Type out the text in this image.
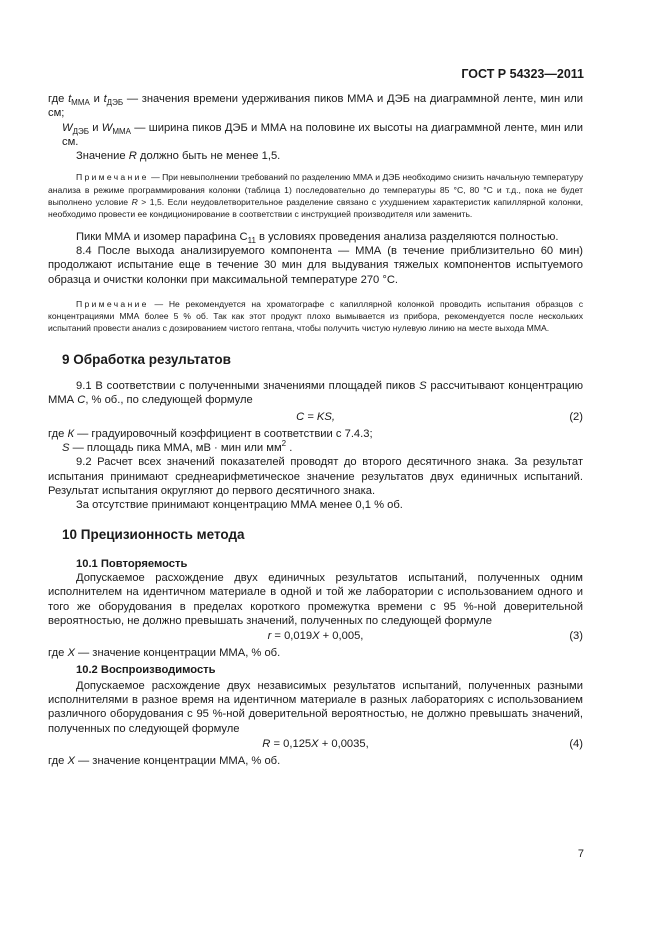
ГОСТ Р 54323—2011

где $t_{ММА}$ и $t_{ДЭБ}$ — значения времени удерживания пиков ММА и ДЭБ на диаграммной ленте, мин или см;

$W_{ДЭБ}$ и $W_{ММА}$ — ширина пиков ДЭБ и ММА на половине их высоты на диаграммной ленте, мин или см.

Значение R должно быть не менее 1,5.

Примечание — При невыполнении требований по разделению ММА и ДЭБ необходимо снизить начальную температуру анализа в режиме программирования колонки (таблица 1) последовательно до температуры 85 °С, 80 °С и т.д., пока не будет выполнено условие R > 1,5. Если неудовлетворительное разделение связано с ухудшением характеристик капиллярной колонки, необходимо провести ее кондиционирование в соответствии с инструкцией производителя или заменить.

Пики ММА и изомер парафина $С_{11}$ в условиях проведения анализа разделяются полностью.

8.4 После выхода анализируемого компонента — ММА (в течение приблизительно 60 мин) продолжают испытание еще в течение 30 мин для выдувания тяжелых компонентов испытуемого образца и очистки колонки при максимальной температуре 270 °С.

Примечание — Не рекомендуется на хроматографе с капиллярной колонкой проводить испытания образцов с концентрациями ММА более 5 % об. Так как этот продукт плохо вымывается из прибора, рекомендуется после нескольких испытаний провести анализ с дозированием чистого гептана, чтобы получить чистую нулевую линию на месте выхода ММА.

9 Обработка результатов

9.1 В соответствии с полученными значениями площадей пиков S рассчитывают концентрацию ММА С, % об., по следующей формуле

С = KS,	(2)

где К — градуировочный коэффициент в соответствии с 7.4.3;

S — площадь пика ММА, мВ · мин или $мм^2$ .

9.2 Расчет всех значений показателей проводят до второго десятичного знака. За результат испытания принимают среднеарифметическое значение результатов двух единичных испытаний. Результат испытания округляют до первого десятичного знака.

За отсутствие принимают концентрацию ММА менее 0,1 % об.

10 Прецизионность метода

10.1 Повторяемость

Допускаемое расхождение двух единичных результатов испытаний, полученных одним исполнителем на идентичном материале в одной и той же лаборатории с использованием одного и того же оборудования в пределах короткого промежутка времени с 95 %-ной доверительной вероятностью, не должно превышать значений, полученных по следующей формуле

r = 0,019X + 0,005,	(3)

где X — значение концентрации ММА, % об.

10.2 Воспроизводимость

Допускаемое расхождение двух независимых результатов испытаний, полученных разными исполнителями в разное время на идентичном материале в разных лабораториях с использованием различного оборудования с 95 %-ной доверительной вероятностью, не должно превышать значений, полученных по следующей формуле

R = 0,125X + 0,0035,	(4)

где X — значение концентрации ММА, % об.

7
